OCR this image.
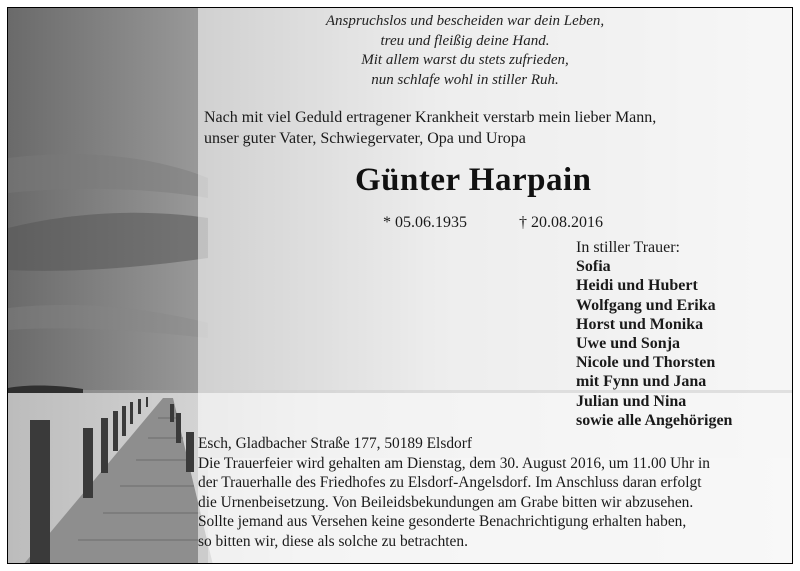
Anspruchslos und bescheiden war dein Leben,
treu und fleißig deine Hand.
Mit allem warst du stets zufrieden,
nun schlafe wohl in stiller Ruh.
Nach mit viel Geduld ertragener Krankheit verstarb mein lieber Mann,
unser guter Vater, Schwiegervater, Opa und Uropa
Günter Harpain
* 05.06.1935	† 20.08.2016
In stiller Trauer:
Sofia
Heidi und Hubert
Wolfgang und Erika
Horst und Monika
Uwe und Sonja
Nicole und Thorsten
mit Fynn und Jana
Julian und Nina
sowie alle Angehörigen
Esch, Gladbacher Straße 177, 50189 Elsdorf
Die Trauerfeier wird gehalten am Dienstag, dem 30. August 2016, um 11.00 Uhr in
der Trauerhalle des Friedhofes zu Elsdorf-Angelsdorf. Im Anschluss daran erfolgt
die Urnenbeisetzung. Von Beileidsbekundungen am Grabe bitten wir abzusehen.
Sollte jemand aus Versehen keine gesonderte Benachrichtigung erhalten haben,
so bitten wir, diese als solche zu betrachten.
